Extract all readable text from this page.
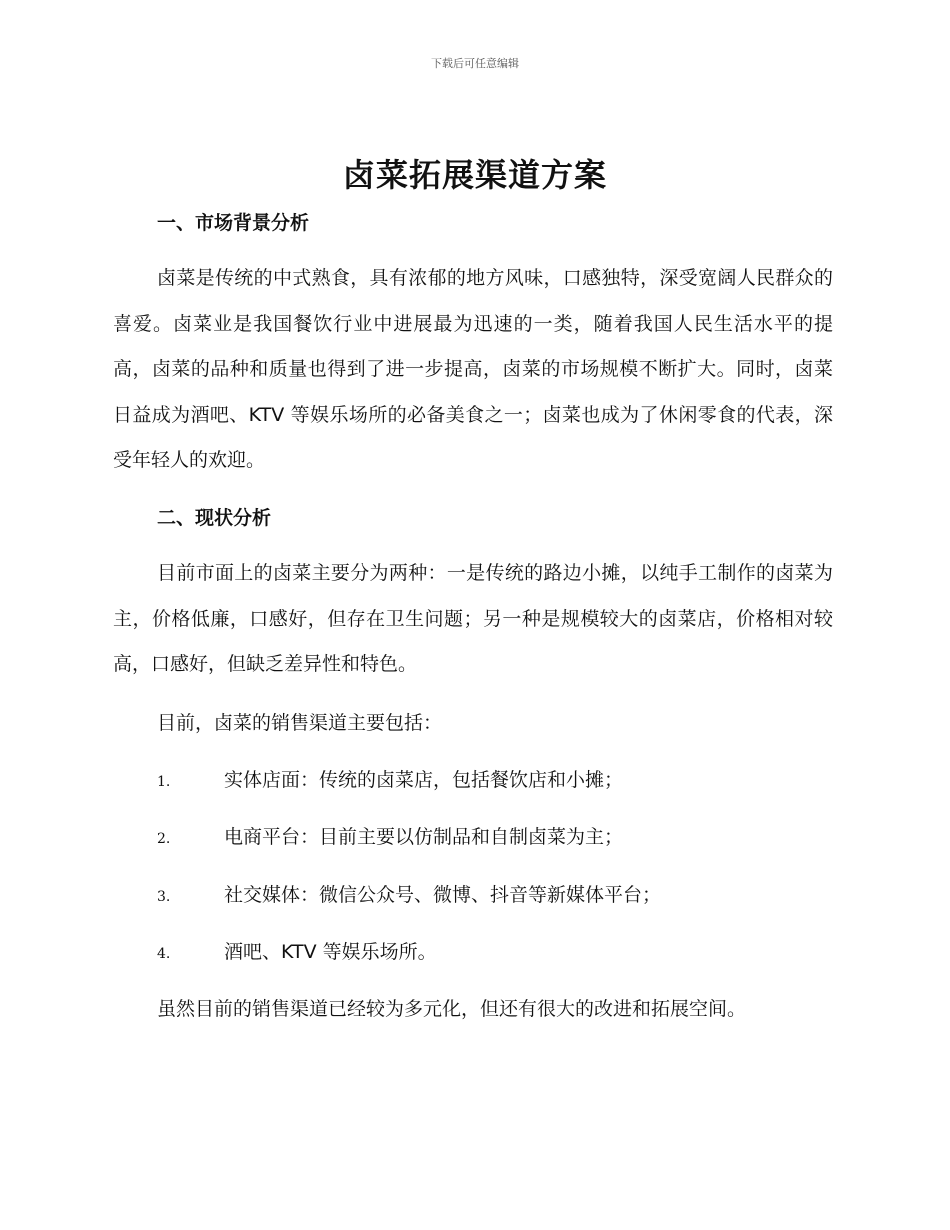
下载后可任意编辑
卤菜拓展渠道方案
一、市场背景分析
卤菜是传统的中式熟食，具有浓郁的地方风味，口感独特，深受宽阔人民群众的喜爱。卤菜业是我国餐饮行业中进展最为迅速的一类，随着我国人民生活水平的提高，卤菜的品种和质量也得到了进一步提高，卤菜的市场规模不断扩大。同时，卤菜日益成为酒吧、KTV 等娱乐场所的必备美食之一；卤菜也成为了休闲零食的代表，深受年轻人的欢迎。
二、现状分析
目前市面上的卤菜主要分为两种：一是传统的路边小摊，以纯手工制作的卤菜为主，价格低廉，口感好，但存在卫生问题；另一种是规模较大的卤菜店，价格相对较高，口感好，但缺乏差异性和特色。
目前，卤菜的销售渠道主要包括：
1.	实体店面：传统的卤菜店，包括餐饮店和小摊；
2.	电商平台：目前主要以仿制品和自制卤菜为主；
3.	社交媒体：微信公众号、微博、抖音等新媒体平台；
4.	酒吧、KTV 等娱乐场所。
虽然目前的销售渠道已经较为多元化，但还有很大的改进和拓展空间。
